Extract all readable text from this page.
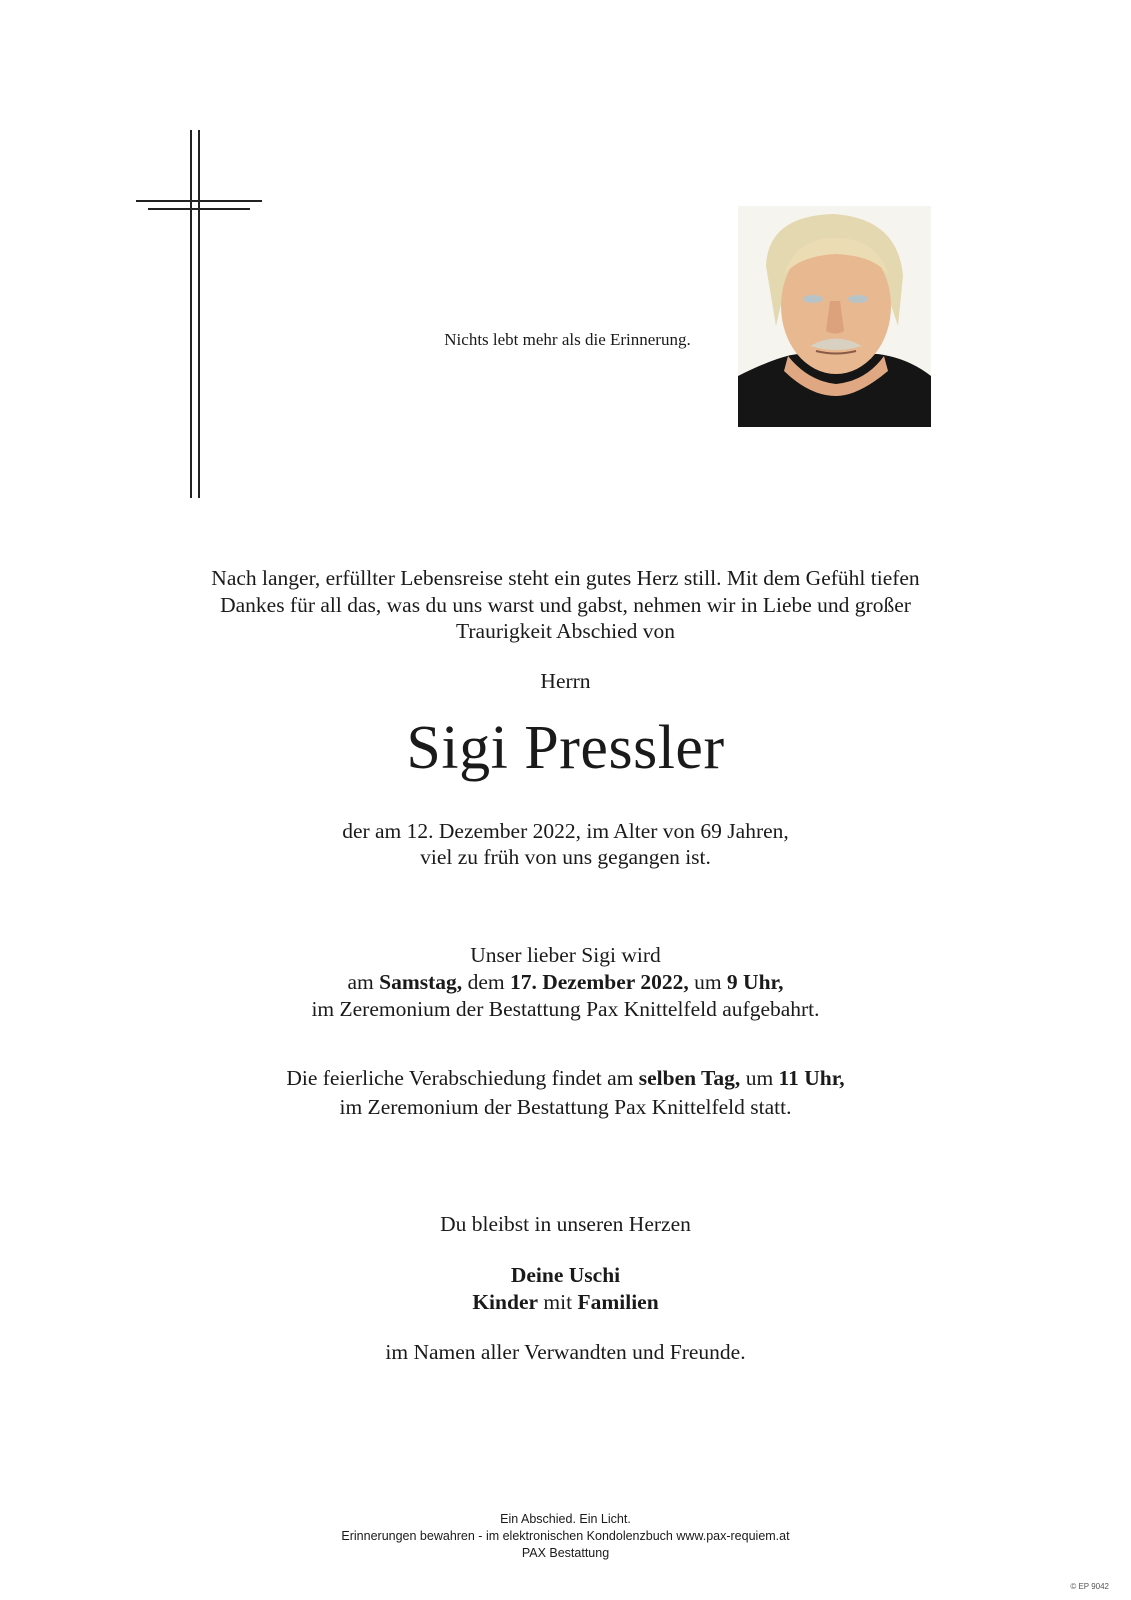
Nichts lebt mehr als die Erinnerung.
Nach langer, erfüllter Lebensreise steht ein gutes Herz still. Mit dem Gefühl tiefen
Dankes für all das, was du uns warst und gabst, nehmen wir in Liebe und großer
Traurigkeit Abschied von
Herrn
Sigi Pressler
der am 12. Dezember 2022, im Alter von 69 Jahren,
viel zu früh von uns gegangen ist.
Unser lieber Sigi wird
am Samstag, dem 17. Dezember 2022, um 9 Uhr,
im Zeremonium der Bestattung Pax Knittelfeld aufgebahrt.
Die feierliche Verabschiedung findet am selben Tag, um 11 Uhr,
im Zeremonium der Bestattung Pax Knittelfeld statt.
Du bleibst in unseren Herzen
Deine Uschi
Kinder mit Familien
im Namen aller Verwandten und Freunde.
Ein Abschied. Ein Licht.
Erinnerungen bewahren - im elektronischen Kondolenzbuch www.pax-requiem.at
PAX Bestattung
© EP 9042
